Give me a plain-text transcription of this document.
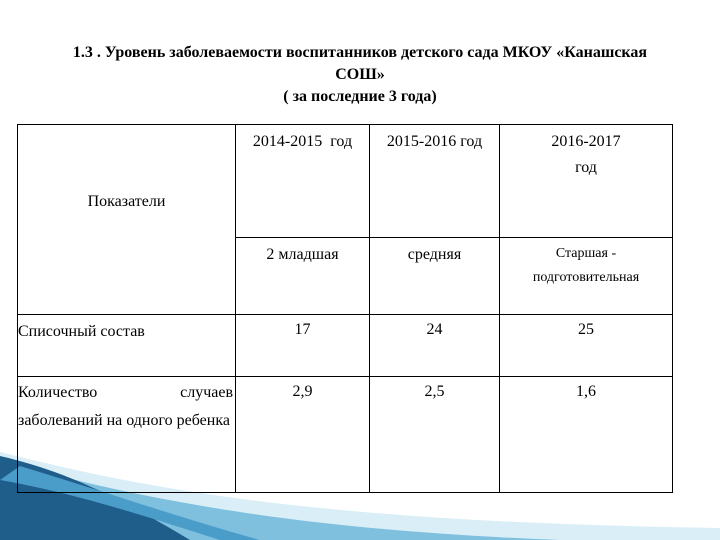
1.3 . Уровень заболеваемости воспитанников детского сада МКОУ «Канашская
СОШ»
( за последние 3 года)
Показатели	2014-2015  год	2015-2016 год	2016-2017
год

	2 младшая	средняя	Старшая -
подготовительная

Списочный состав	17	24	25
Количество случаев заболеваний на одного ребенка	2,9	2,5	1,6
